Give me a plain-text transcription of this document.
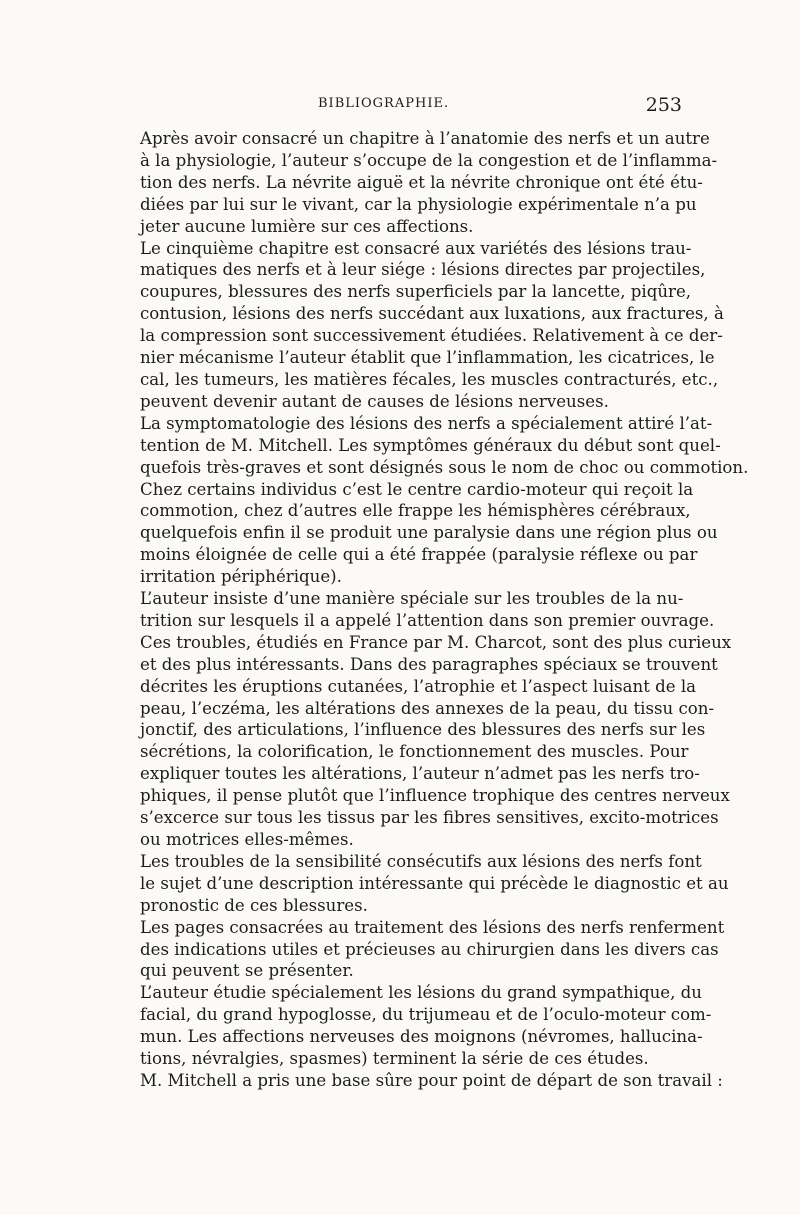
BIBLIOGRAPHIE.	253

Après avoir consacré un chapitre à l’anatomie des nerfs et un autre
à la physiologie, l’auteur s’occupe de la congestion et de l’inflamma-
tion des nerfs. La névrite aiguë et la névrite chronique ont été étu-
diées par lui sur le vivant, car la physiologie expérimentale n’a pu
jeter aucune lumière sur ces affections.

Le cinquième chapitre est consacré aux variétés des lésions trau-
matiques des nerfs et à leur siége : lésions directes par projectiles,
coupures, blessures des nerfs superficiels par la lancette, piqûre,
contusion, lésions des nerfs succédant aux luxations, aux fractures, à
la compression sont successivement étudiées. Relativement à ce der-
nier mécanisme l’auteur établit que l’inflammation, les cicatrices, le
cal, les tumeurs, les matières fécales, les muscles contracturés, etc.,
peuvent devenir autant de causes de lésions nerveuses.

La symptomatologie des lésions des nerfs a spécialement attiré l’at-
tention de M. Mitchell. Les symptômes généraux du début sont quel-
quefois très-graves et sont désignés sous le nom de choc ou commotion.
Chez certains individus c’est le centre cardio-moteur qui reçoit la
commotion, chez d’autres elle frappe les hémisphères cérébraux,
quelquefois enfin il se produit une paralysie dans une région plus ou
moins éloignée de celle qui a été frappée (paralysie réflexe ou par
irritation périphérique).

L’auteur insiste d’une manière spéciale sur les troubles de la nu-
trition sur lesquels il a appelé l’attention dans son premier ouvrage.
Ces troubles, étudiés en France par M. Charcot, sont des plus curieux
et des plus intéressants. Dans des paragraphes spéciaux se trouvent
décrites les éruptions cutanées, l’atrophie et l’aspect luisant de la
peau, l’eczéma, les altérations des annexes de la peau, du tissu con-
jonctif, des articulations, l’influence des blessures des nerfs sur les
sécrétions, la colorification, le fonctionnement des muscles. Pour
expliquer toutes les altérations, l’auteur n’admet pas les nerfs tro-
phiques, il pense plutôt que l’influence trophique des centres nerveux
s’excerce sur tous les tissus par les fibres sensitives, excito-motrices
ou motrices elles-mêmes.

Les troubles de la sensibilité consécutifs aux lésions des nerfs font
le sujet d’une description intéressante qui précède le diagnostic et au
pronostic de ces blessures.

Les pages consacrées au traitement des lésions des nerfs renferment
des indications utiles et précieuses au chirurgien dans les divers cas
qui peuvent se présenter.

L’auteur étudie spécialement les lésions du grand sympathique, du
facial, du grand hypoglosse, du trijumeau et de l’oculo-moteur com-
mun. Les affections nerveuses des moignons (névromes, hallucina-
tions, névralgies, spasmes) terminent la série de ces études.

M. Mitchell a pris une base sûre pour point de départ de son travail :
